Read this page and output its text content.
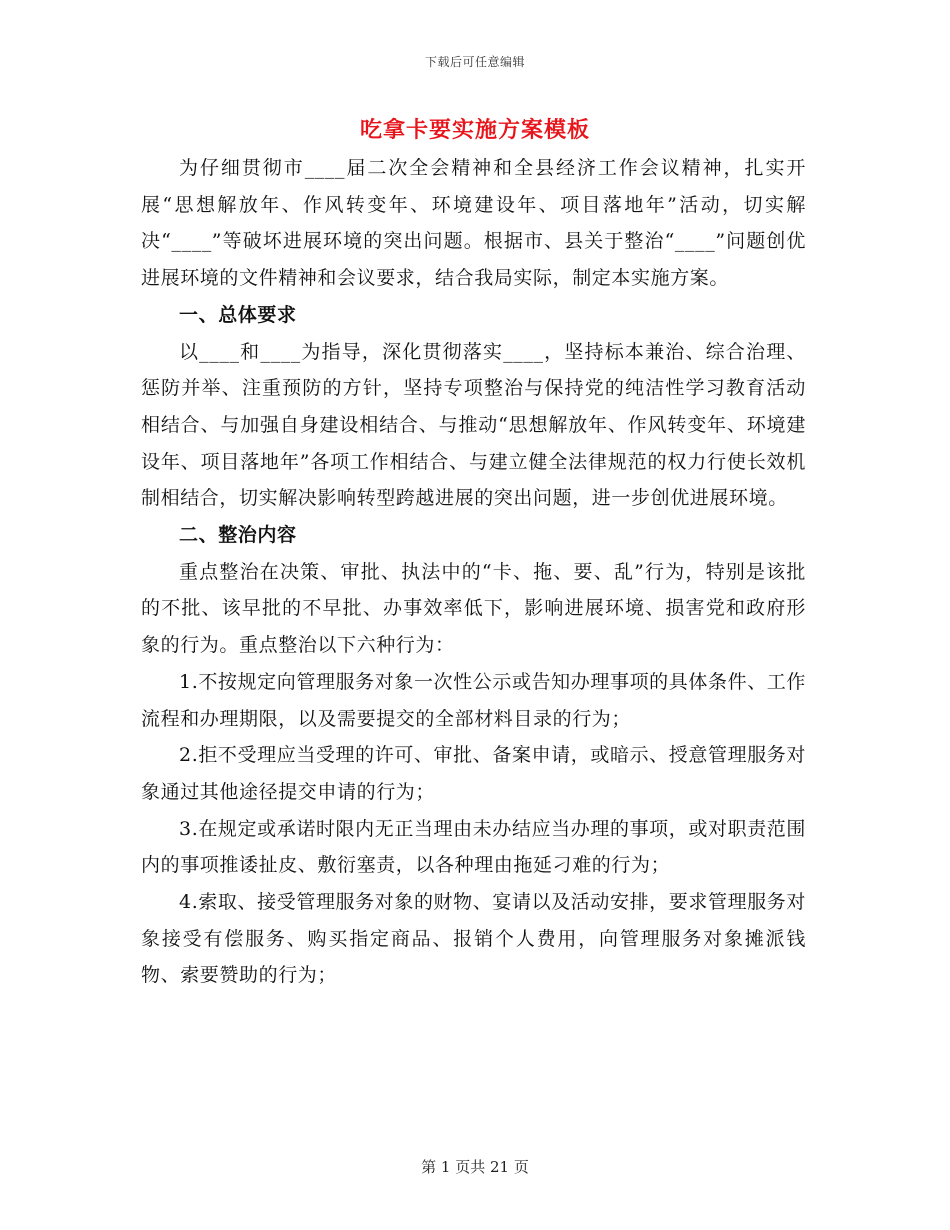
下载后可任意编辑
吃拿卡要实施方案模板

为仔细贯彻市____届二次全会精神和全县经济工作会议精神，扎实开展“思想解放年、作风转变年、环境建设年、项目落地年”活动，切实解决“____”等破坏进展环境的突出问题。根据市、县关于整治“____”问题创优进展环境的文件精神和会议要求，结合我局实际，制定本实施方案。

一、总体要求

以____和____为指导，深化贯彻落实____，坚持标本兼治、综合治理、惩防并举、注重预防的方针，坚持专项整治与保持党的纯洁性学习教育活动相结合、与加强自身建设相结合、与推动“思想解放年、作风转变年、环境建设年、项目落地年”各项工作相结合、与建立健全法律规范的权力行使长效机制相结合，切实解决影响转型跨越进展的突出问题，进一步创优进展环境。

二、整治内容

重点整治在决策、审批、执法中的“卡、拖、要、乱”行为，特别是该批的不批、该早批的不早批、办事效率低下，影响进展环境、损害党和政府形象的行为。重点整治以下六种行为：

1.不按规定向管理服务对象一次性公示或告知办理事项的具体条件、工作流程和办理期限，以及需要提交的全部材料目录的行为；

2.拒不受理应当受理的许可、审批、备案申请，或暗示、授意管理服务对象通过其他途径提交申请的行为；

3.在规定或承诺时限内无正当理由未办结应当办理的事项，或对职责范围内的事项推诿扯皮、敷衍塞责，以各种理由拖延刁难的行为；

4.索取、接受管理服务对象的财物、宴请以及活动安排，要求管理服务对象接受有偿服务、购买指定商品、报销个人费用，向管理服务对象摊派钱物、索要赞助的行为；

第 1 页共 21 页
